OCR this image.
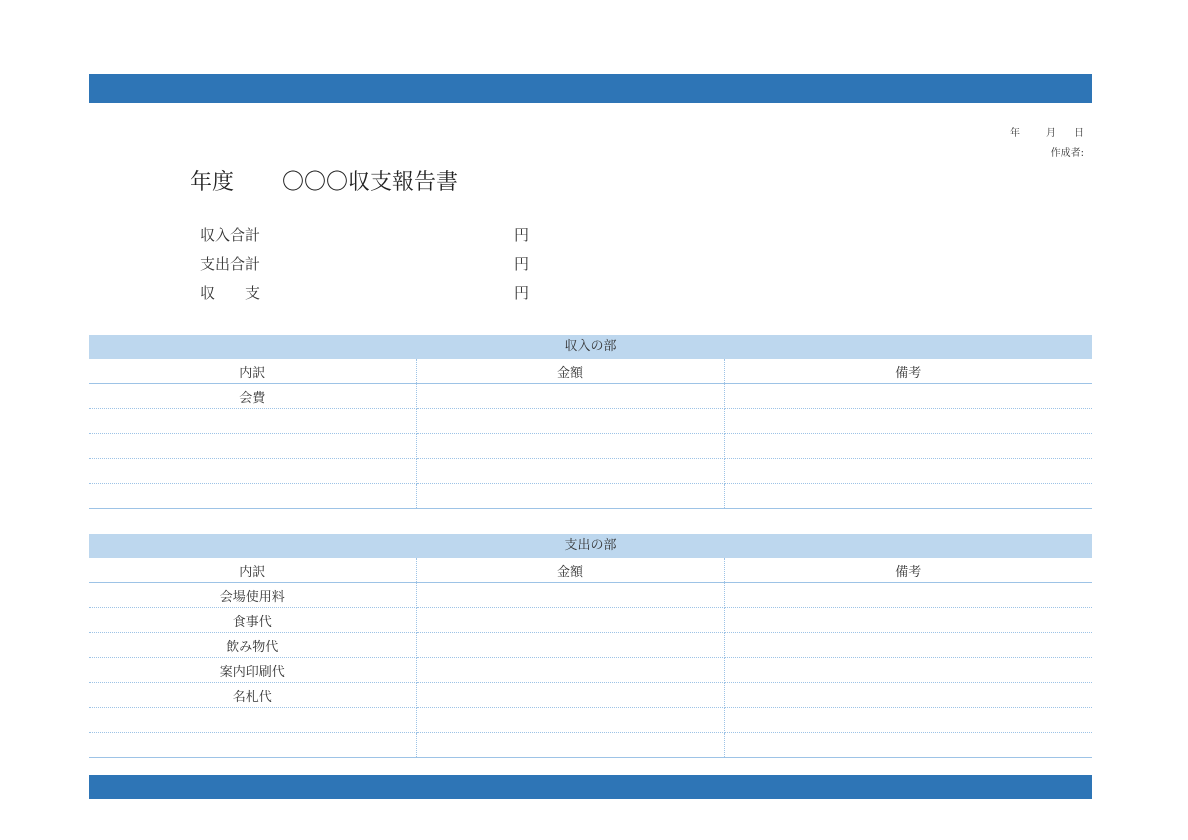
年	月 日
作成者:
年度 〇〇〇収支報告書
収入合計	円
支出合計	円
収　　支	円
収入の部
内訳	金額	備考
会費		

支出の部
内訳	金額	備考
会場使用料		
食事代		
飲み物代		
案内印刷代		
名札代		
